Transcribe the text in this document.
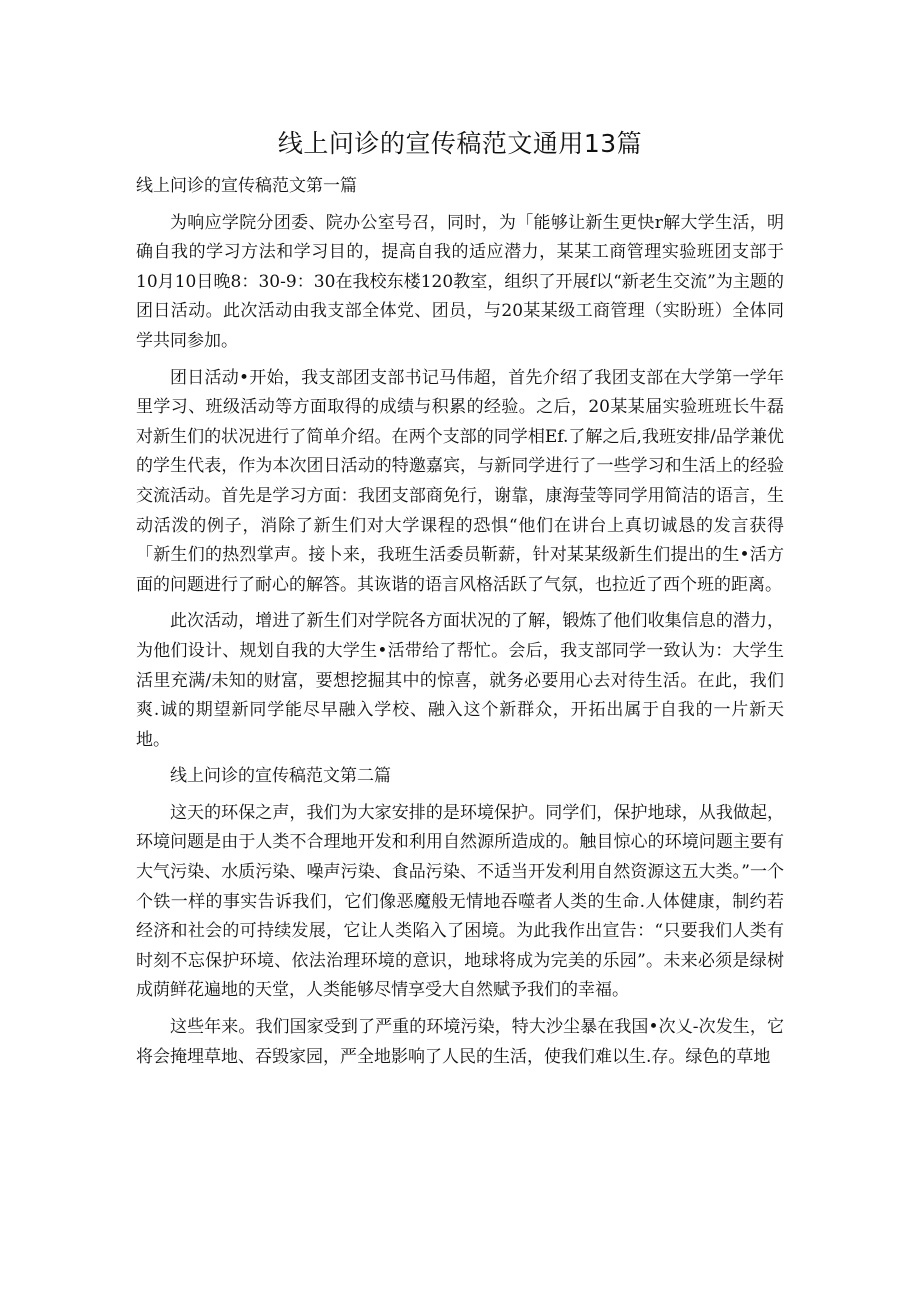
线上问诊的宣传稿范文通用13篇

线上问诊的宣传稿范文第一篇

为响应学院分团委、院办公室号召，同时，为「能够让新生更快r解大学生活，明确自我的学习方法和学习目的，提高自我的适应潜力，某某工商管理实验班团支部于10月10日晚8：30-9：30在我校东楼120教室，组织了开展f以“新老生交流”为主题的团日活动。此次活动由我支部全体党、团员，与20某某级工商管理（实盼班）全体同学共同参加。

团日活动•开始，我支部团支部书记马伟超，首先介绍了我团支部在大学第一学年里学习、班级活动等方面取得的成绩与积累的经验。之后，20某某届实验班班长牛磊对新生们的状况进行了简单介绍。在两个支部的同学相Ef.了解之后,我班安排/品学兼优的学生代表，作为本次团日活动的特邀嘉宾，与新同学进行了一些学习和生活上的经验交流活动。首先是学习方面：我团支部商免行，谢靠，康海莹等同学用简洁的语言，生动活泼的例子，消除了新生们对大学课程的恐惧“他们在讲台上真切诚恳的发言获得「新生们的热烈掌声。接卜来，我班生活委员靳薪，针对某某级新生们提出的生•活方面的问题进行了耐心的解答。其诙谐的语言风格活跃了气氛，也拉近了西个班的距离。

此次活动，增进了新生们对学院各方面状况的了解，锻炼了他们收集信息的潜力，为他们设计、规划自我的大学生•活带给了帮忙。会后，我支部同学一致认为：大学生活里充满/未知的财富，要想挖掘其中的惊喜，就务必要用心去对待生活。在此，我们爽.诚的期望新同学能尽早融入学校、融入这个新群众，开拓出属于自我的一片新天地。

线上问诊的宣传稿范文第二篇

这天的环保之声，我们为大家安排的是环境保护。同学们，保护地球，从我做起，环境问题是由于人类不合理地开发和利用自然源所造成的。触目惊心的环境问题主要有大气污染、水质污染、噪声污染、食品污染、不适当开发利用自然资源这五大类。”一个个铁一样的事实告诉我们，它们像恶魔般无情地吞噬者人类的生命.人体健康，制约若经济和社会的可持续发展，它让人类陷入了困境。为此我作出宣告：“只要我们人类有时刻不忘保护环境、依法治理环境的意识，地球将成为完美的乐园”。未来必须是绿树成荫鲜花遍地的天堂，人类能够尽情享受大自然赋予我们的幸福。

这些年来。我们国家受到了严重的环境污染，特大沙尘暴在我国•次乂-次发生，它将会掩埋草地、吞毁家园，严全地影响了人民的生活，使我们难以生.存。绿色的草地
